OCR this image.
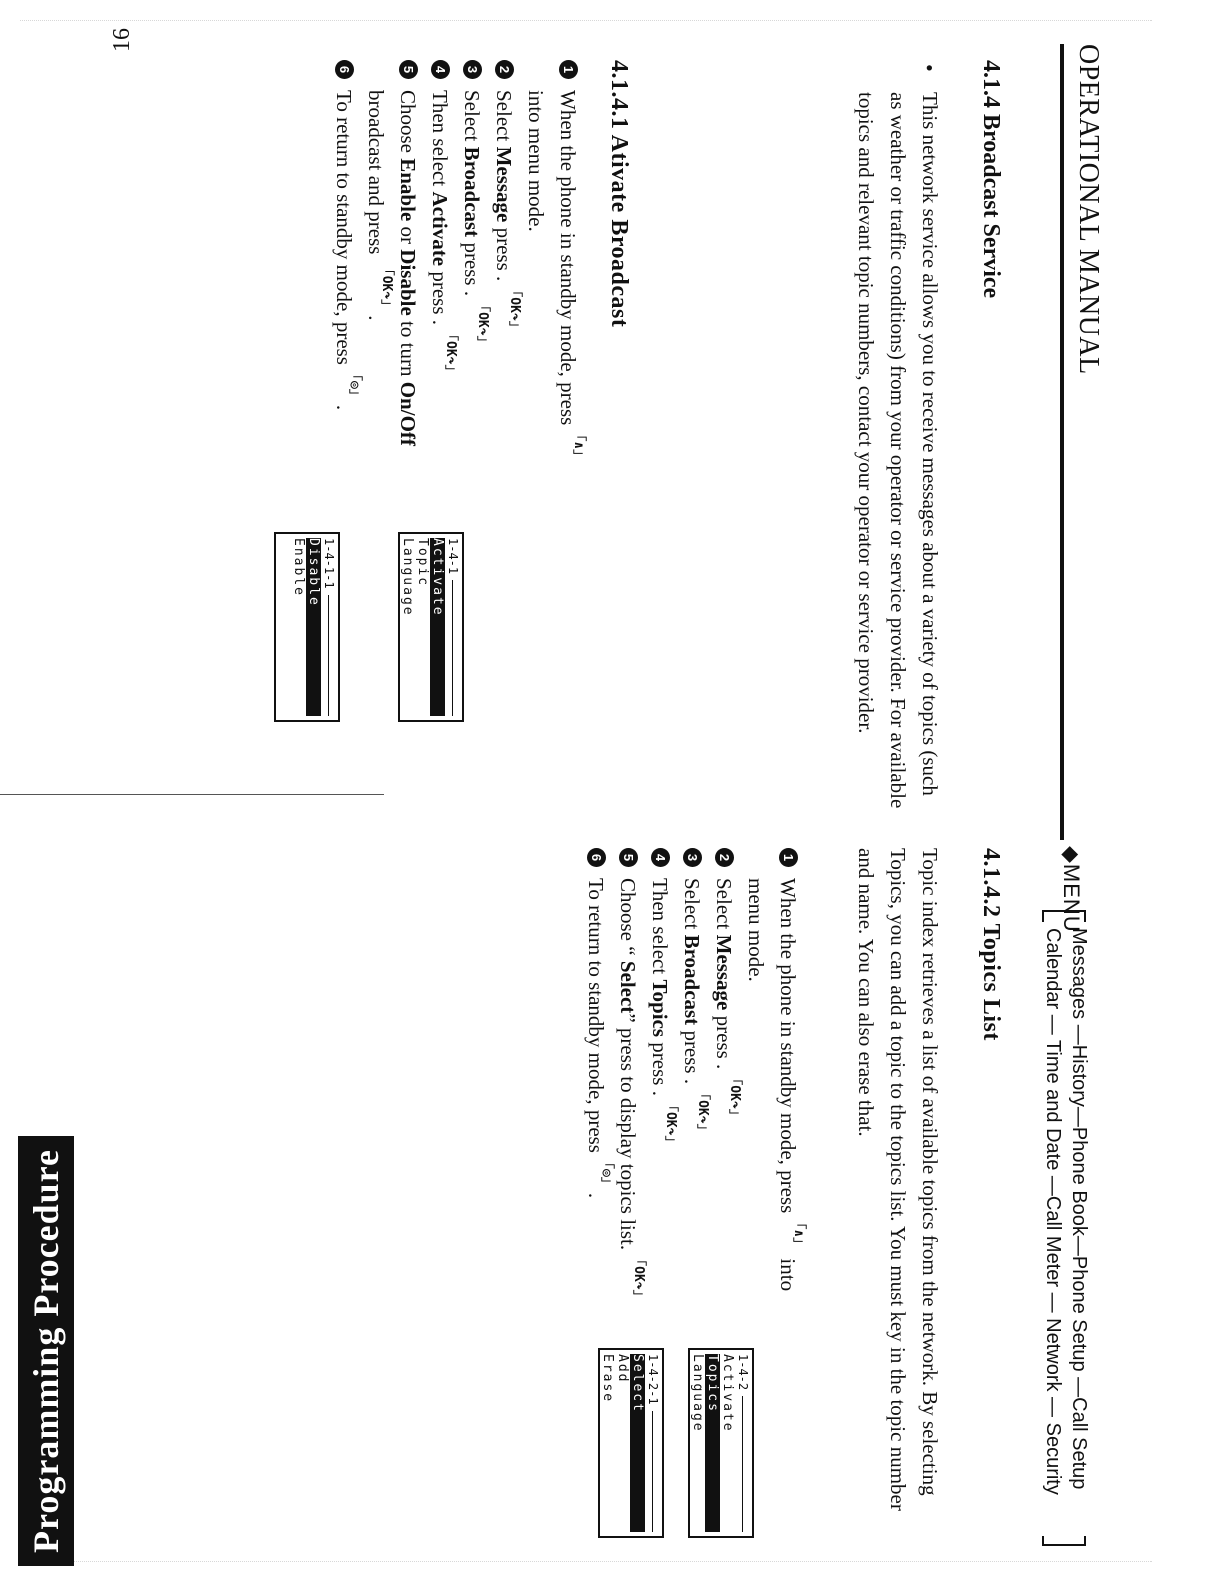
16
Programming Procedure
OPERATIONAL MANUAL
◆MENU
Messages —History—Phone Book—Phone Setup —Call Setup
Calendar — Time and Date —Call Meter — Network — Security
4.1.4 Broadcast Service
•
This network service allows you to receive messages about a variety of topics (such as weather or traffic conditions) from your operator or service provider. For available topics and relevant topic numbers, contact your operator or service provider.
4.1.4.1 Ativate Broadcast
1
When the phone in standby mode, press「∧」 into menu mode.
2
Select Message press .「OK↷」
3
Select Broadcast press .「OK↷」
4
Then select Activate press .「OK↷」
5
Choose Enable or Disable to turn On/Off broadcast and press 「OK↷」.
6
To return to standby mode, press「◎」.
1-4-1
Activate
Topic
Language
1-4-1-1
Disable
Enable
4.1.4.2 Topics List
Topic index retrieves a list of available topics from the network. By selecting Topics, you can add a topic to the topics list. You must key in the topic number and name. You can also erase that.
1
When the phone in standby mode, press「∧」 into menu mode.
2
Select Message press .「OK↷」
3
Select Broadcast press .「OK↷」
4
Then select Topics press .「OK↷」
5
Choose “ Select” press to display topics list.「OK↷」
6
To return to standby mode, press「◎」.
1-4-2
Activate
Topics
Language
1-4-2-1
Select
Add
Erase
